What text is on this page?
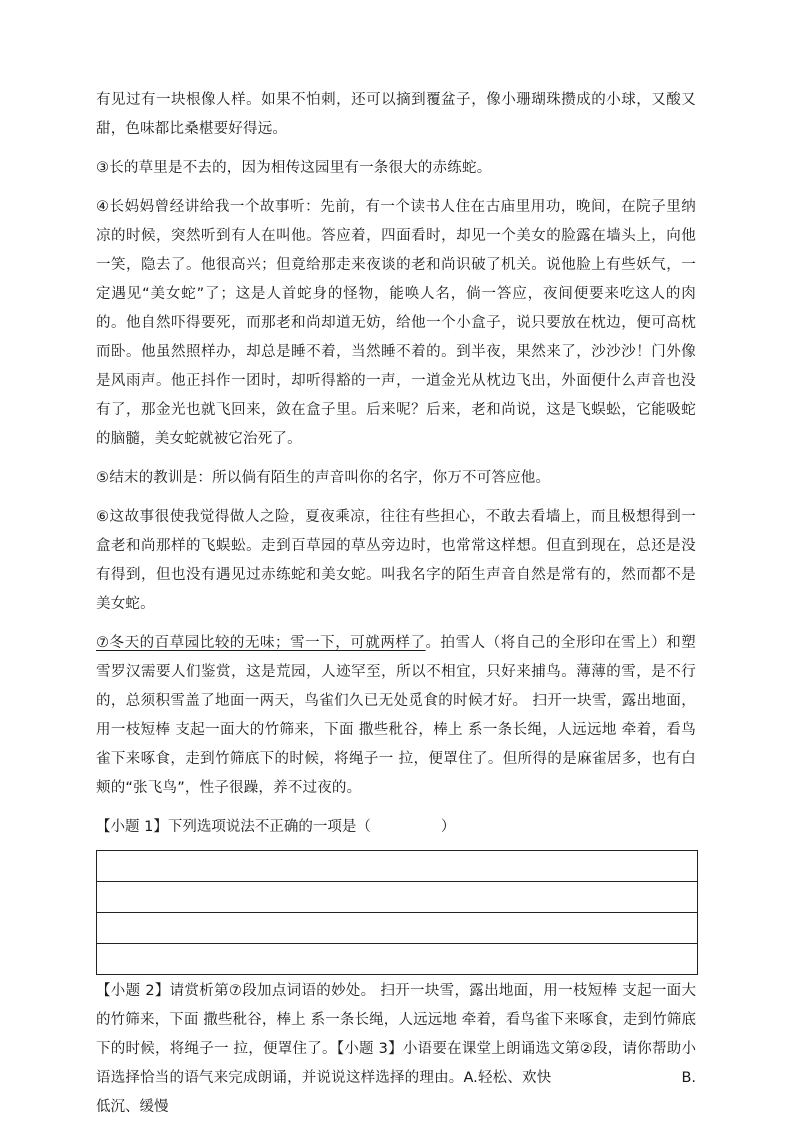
有见过有一块根像人样。如果不怕刺，还可以摘到覆盆子，像小珊瑚珠攒成的小球，又酸又甜，色味都比桑椹要好得远。

③长的草里是不去的，因为相传这园里有一条很大的赤练蛇。

④长妈妈曾经讲给我一个故事听：先前，有一个读书人住在古庙里用功，晚间，在院子里纳凉的时候，突然听到有人在叫他。答应着，四面看时，却见一个美女的脸露在墙头上，向他一笑，隐去了。他很高兴；但竟给那走来夜谈的老和尚识破了机关。说他脸上有些妖气，一定遇见“美女蛇”了；这是人首蛇身的怪物，能唤人名，倘一答应，夜间便要来吃这人的肉的。他自然吓得要死，而那老和尚却道无妨，给他一个小盒子，说只要放在枕边，便可高枕而卧。他虽然照样办，却总是睡不着，当然睡不着的。到半夜，果然来了，沙沙沙！门外像是风雨声。他正抖作一团时，却听得豁的一声，一道金光从枕边飞出，外面便什么声音也没有了，那金光也就飞回来，敛在盒子里。后来呢？后来，老和尚说，这是飞蜈蚣，它能吸蛇的脑髓，美女蛇就被它治死了。

⑤结末的教训是：所以倘有陌生的声音叫你的名字，你万不可答应他。

⑥这故事很使我觉得做人之险，夏夜乘凉，往往有些担心，不敢去看墙上，而且极想得到一盒老和尚那样的飞蜈蚣。走到百草园的草丛旁边时，也常常这样想。但直到现在，总还是没有得到，但也没有遇见过赤练蛇和美女蛇。叫我名字的陌生声音自然是常有的，然而都不是美女蛇。

⑦冬天的百草园比较的无味；雪一下，可就两样了。拍雪人（将自己的全形印在雪上）和塑雪罗汉需要人们鉴赏，这是荒园，人迹罕至，所以不相宜，只好来捕鸟。薄薄的雪，是不行的，总须积雪盖了地面一两天，鸟雀们久已无处觅食的时候才好。 扫开一块雪，露出地面，用一枝短棒 支起一面大的竹筛来，下面 撒些秕谷，棒上 系一条长绳，人远远地 牵着，看鸟雀下来啄食，走到竹筛底下的时候，将绳子一 拉，便罩住了。但所得的是麻雀居多，也有白颊的“张飞鸟”，性子很躁，养不过夜的。

【小题 1】下列选项说法不正确的一项是（	）

【小题 2】请赏析第⑦段加点词语的妙处。 扫开一块雪，露出地面，用一枝短棒 支起一面大的竹筛来，下面 撒些秕谷，棒上 系一条长绳，人远远地 牵着，看鸟雀下来啄食，走到竹筛底下的时候，将绳子一 拉，便罩住了。【小题 3】小语要在课堂上朗诵选文第②段，请你帮助小语选择恰当的语气来完成朗诵，并说说这样选择的理由。A.轻松、欢快	B. 低沉、缓慢
